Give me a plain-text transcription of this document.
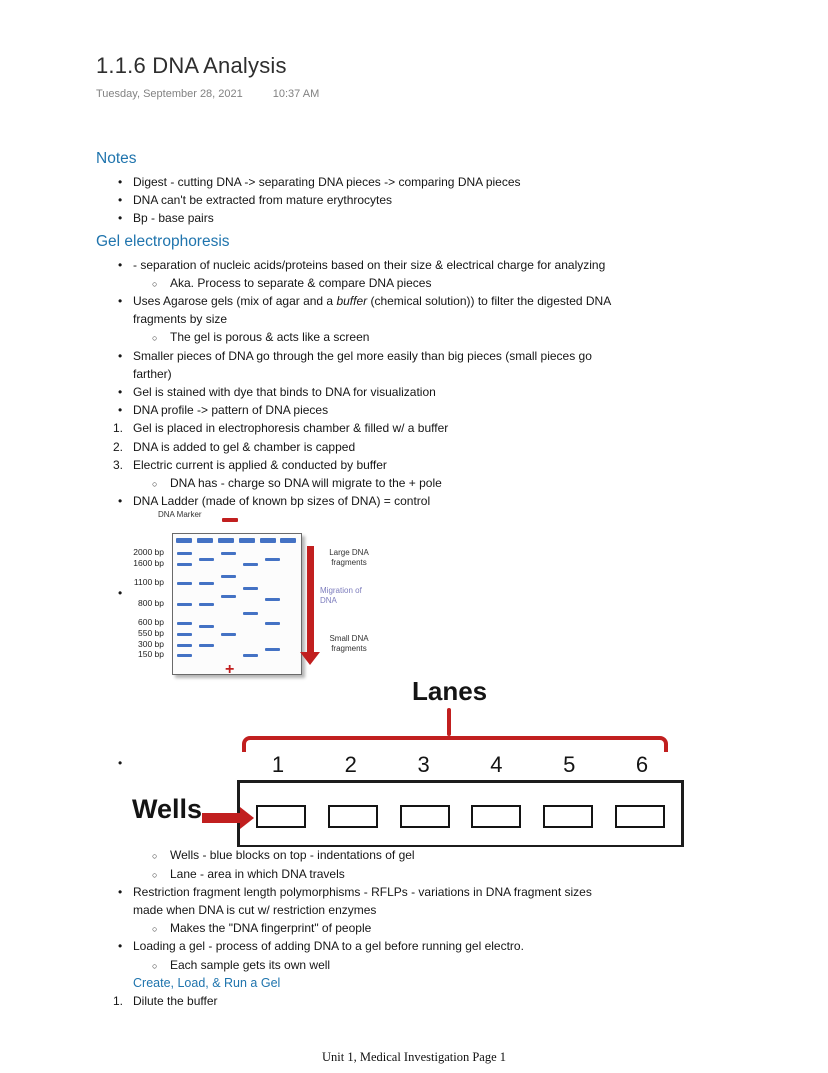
1.1.6 DNA Analysis
Tuesday, September 28, 2021	10:37 AM
Notes
• Digest - cutting DNA -> separating DNA pieces -> comparing DNA pieces
• DNA can't be extracted from mature erythrocytes
• Bp - base pairs
Gel electrophoresis
• - separation of nucleic acids/proteins based on their size & electrical charge for analyzing
○ Aka. Process to separate & compare DNA pieces
• Uses Agarose gels (mix of agar and a buffer (chemical solution)) to filter the digested DNA
fragments by size
○ The gel is porous & acts like a screen
• Smaller pieces of DNA go through the gel more easily than big pieces (small pieces go
farther)
• Gel is stained with dye that binds to DNA for visualization
• DNA profile -> pattern of DNA pieces
1. Gel is placed in electrophoresis chamber & filled w/ a buffer
2. DNA is added to gel & chamber is capped
3. Electric current is applied & conducted by buffer
○ DNA has - charge so DNA will migrate to the + pole
• DNA Ladder (made of known bp sizes of DNA) = control
•
DNA Marker
2000 bp
1600 bp
1100 bp
800 bp
600 bp
550 bp
300 bp
150 bp
Large DNA fragments
Migration of DNA
Small DNA fragments
+
•
Lanes
1	2	3	4	5	6
Wells
○ Wells - blue blocks on top - indentations of gel
○ Lane - area in which DNA travels
• Restriction fragment length polymorphisms - RFLPs - variations in DNA fragment sizes
made when DNA is cut w/ restriction enzymes
○ Makes the "DNA fingerprint" of people
• Loading a gel - process of adding DNA to a gel before running gel electro.
○ Each sample gets its own well
Create, Load, & Run a Gel
1. Dilute the buffer
Unit 1, Medical Investigation Page 1
